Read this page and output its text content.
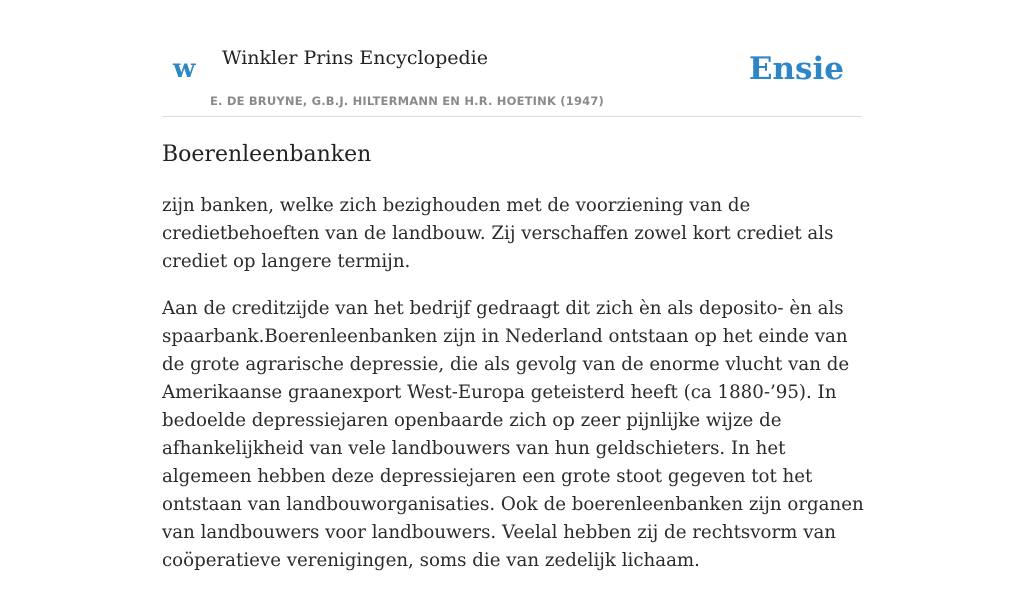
w Winkler Prins Encyclopedie
E. DE BRUYNE, G.B.J. HILTERMANN EN H.R. HOETINK (1947)
Ensie
Boerenleenbanken

zijn banken, welke zich bezighouden met de voorziening van de credietbehoeften van de landbouw. Zij verschaffen zowel kort crediet als crediet op langere termijn.

Aan de creditzijde van het bedrijf gedraagt dit zich èn als deposito- èn als spaarbank.Boerenleenbanken zijn in Nederland ontstaan op het einde van de grote agrarische depressie, die als gevolg van de enorme vlucht van de Amerikaanse graanexport West-Europa geteisterd heeft (ca 1880-’95). In bedoelde depressiejaren openbaarde zich op zeer pijnlijke wijze de afhankelijkheid van vele landbouwers van hun geldschieters. In het algemeen hebben deze depressiejaren een grote stoot gegeven tot het ontstaan van landbouworganisaties. Ook de boerenleenbanken zijn organen van landbouwers voor landbouwers. Veelal hebben zij de rechtsvorm van coöperatieve verenigingen, soms die van zedelijk lichaam.
